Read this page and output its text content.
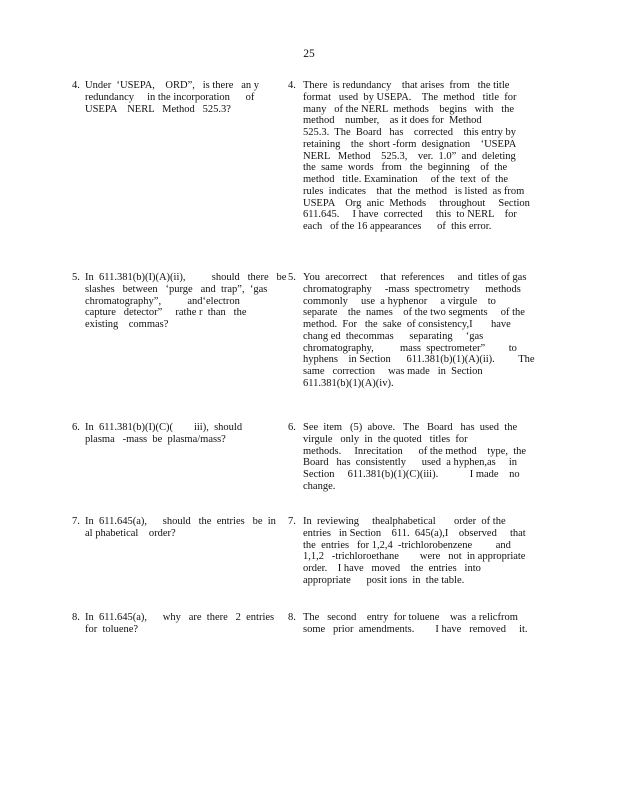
25
4. Under  ‘USEPA,    ORD”,   is there   an y
redundancy     in the incorporation      of
USEPA    NERL   Method   525.3?
4. There  is redundancy    that arises  from   the title
format   used  by USEPA.    The  method   title  for
many   of the NERL  methods    begins   with   the
method    number,    as it does for  Method
525.3.  The  Board   has    corrected    this entry by
retaining    the  short -form  designation    ‘USEPA
NERL   Method    525.3,    ver.  1.0”  and  deleting
the  same  words   from   the  beginning    of  the
method   title. Examination     of the  text  of  the
rules  indicates    that  the  method   is listed  as from
USEPA    Org  anic  Methods     throughout     Section
611.645.     I have  corrected     this  to NERL    for
each   of the 16 appearances      of  this error.
5. In  611.381(b)(I)(A)(ii),          should   there   be
slashes   between   ‘purge   and  trap”,  ‘gas
chromatography”,          and‘electron
capture   detector”     rathe r  than   the
existing    commas?
5. You  arecorrect     that  references     and  titles of gas
chromatography     -mass  spectrometry      methods
commonly     use  a hyphenor     a virgule    to
separate    the  names    of the two segments     of the
method.  For   the  sake  of consistency,I       have
chang ed  thecommas      separating     ‘gas
chromatography,          mass  spectrometer”         to
hyphens    in Section      611.381(b)(1)(A)(ii).         The
same   correction     was made   in  Section
611.381(b)(1)(A)(iv).
6. In  611.381(b)(I)(C)(        iii),  should
plasma   -mass  be  plasma/mass?
6. See  item   (5)  above.   The   Board   has  used  the
virgule   only  in  the quoted   titles  for
methods.     Inrecitation      of the method    type,  the
Board   has  consistently      used  a hyphen,as     in
Section     611.381(b)(1)(C)(iii).            I made    no
change.
7. In  611.645(a),      should   the  entries   be  in
al phabetical    order?
7. In  reviewing     thealphabetical       order  of the
entries   in Section    611.  645(a),I    observed     that
the  entries   for 1,2,4  -trichlorobenzene         and
1,1,2   -trichloroethane        were   not  in appropriate
order.    I have   moved    the  entries   into
appropriate      posit ions  in  the table.
8. In  611.645(a),      why   are  there   2  entries
for  toluene?
8. The   second    entry  for toluene    was  a relicfrom
some   prior  amendments.        I have   removed     it.
